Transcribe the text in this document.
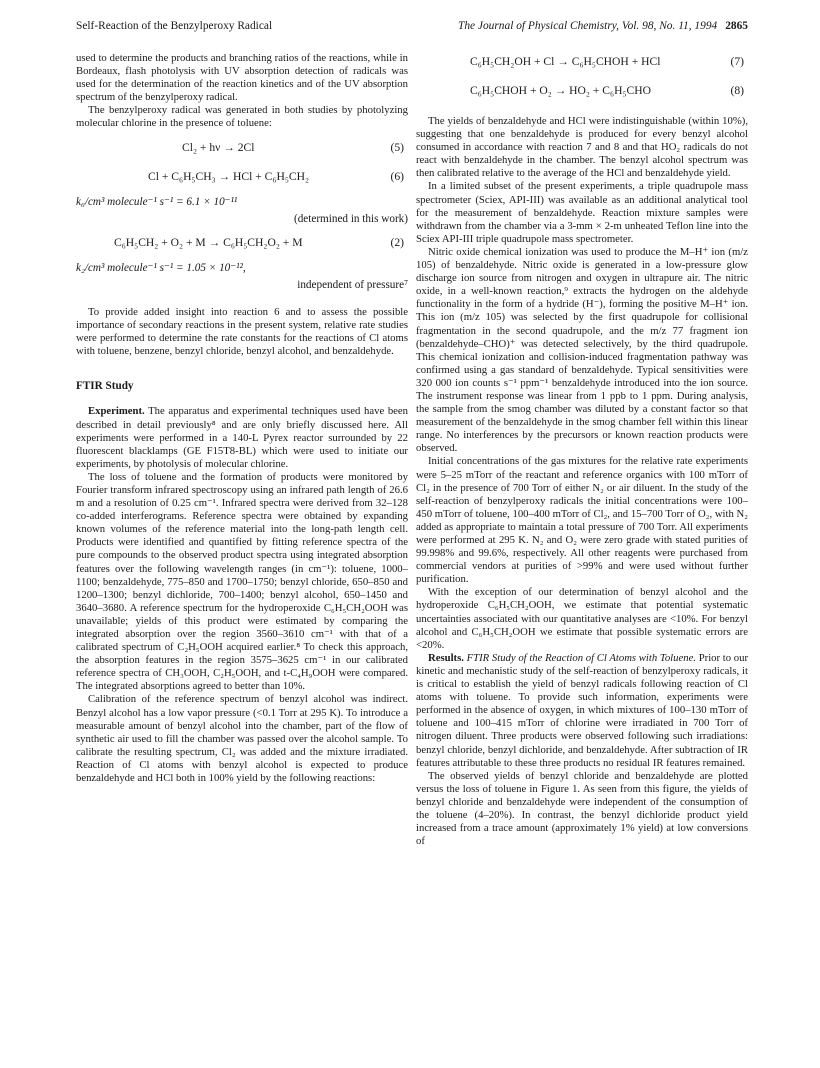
Self-Reaction of the Benzylperoxy Radical	The Journal of Physical Chemistry, Vol. 98, No. 11, 1994 2865

used to determine the products and branching ratios of the reactions, while in Bordeaux, flash photolysis with UV absorption detection of radicals was used for the determination of the reaction kinetics and of the UV absorption spectrum of the benzylperoxy radical.

The benzylperoxy radical was generated in both studies by photolyzing molecular chlorine in the presence of toluene:

Cl₂ + hν → 2Cl	(5)
Cl + C₆H₅CH₃ → HCl + C₆H₅CH₂	(6)
k₆/cm³ molecule⁻¹ s⁻¹ = 6.1 × 10⁻¹¹
(determined in this work)
C₆H₅CH₂ + O₂ + M → C₆H₅CH₂O₂ + M	(2)
k₂/cm³ molecule⁻¹ s⁻¹ = 1.05 × 10⁻¹²,
independent of pressure⁷

To provide added insight into reaction 6 and to assess the possible importance of secondary reactions in the present system, relative rate studies were performed to determine the rate constants for the reactions of Cl atoms with toluene, benzene, benzyl chloride, benzyl alcohol, and benzaldehyde.

FTIR Study

Experiment. The apparatus and experimental techniques used have been described in detail previously⁸ and are only briefly discussed here. All experiments were performed in a 140-L Pyrex reactor surrounded by 22 fluorescent blacklamps (GE F15T8-BL) which were used to initiate our experiments, by photolysis of molecular chlorine.

The loss of toluene and the formation of products were monitored by Fourier transform infrared spectroscopy using an infrared path length of 26.6 m and a resolution of 0.25 cm⁻¹. Infrared spectra were derived from 32–128 co-added interferograms. Reference spectra were obtained by expanding known volumes of the reference material into the long-path length cell. Products were identified and quantified by fitting reference spectra of the pure compounds to the observed product spectra using integrated absorption features over the following wavelength ranges (in cm⁻¹): toluene, 1000–1100; benzaldehyde, 775–850 and 1700–1750; benzyl chloride, 650–850 and 1200–1300; benzyl dichloride, 700–1400; benzyl alcohol, 650–1450 and 3640–3680. A reference spectrum for the hydroperoxide C₆H₅CH₂OOH was unavailable; yields of this product were estimated by comparing the integrated absorption over the region 3560–3610 cm⁻¹ with that of a calibrated spectrum of C₂H₅OOH acquired earlier.⁸ To check this approach, the absorption features in the region 3575–3625 cm⁻¹ in our calibrated reference spectra of CH₃OOH, C₂H₅OOH, and t-C₄H₉OOH were compared. The integrated absorptions agreed to better than 10%.

Calibration of the reference spectrum of benzyl alcohol was indirect. Benzyl alcohol has a low vapor pressure (<0.1 Torr at 295 K). To introduce a measurable amount of benzyl alcohol into the chamber, part of the flow of synthetic air used to fill the chamber was passed over the alcohol sample. To calibrate the resulting spectrum, Cl₂ was added and the mixture irradiated. Reaction of Cl atoms with benzyl alcohol is expected to produce benzaldehyde and HCl both in 100% yield by the following reactions:

C₆H₅CH₂OH + Cl → C₆H₅CHOH + HCl	(7)
C₆H₅CHOH + O₂ → HO₂ + C₆H₅CHO	(8)

The yields of benzaldehyde and HCl were indistinguishable (within 10%), suggesting that one benzaldehyde is produced for every benzyl alcohol consumed in accordance with reaction 7 and 8 and that HO₂ radicals do not react with benzaldehyde in the chamber. The benzyl alcohol spectrum was then calibrated relative to the average of the HCl and benzaldehyde yield.

In a limited subset of the present experiments, a triple quadrupole mass spectrometer (Sciex, API-III) was available as an additional analytical tool for the measurement of benzaldehyde. Reaction mixture samples were withdrawn from the chamber via a 3-mm × 2-m unheated Teflon line into the Sciex API-III triple quadrupole mass spectrometer.

Nitric oxide chemical ionization was used to produce the M–H⁺ ion (m/z 105) of benzaldehyde. Nitric oxide is generated in a low-pressure glow discharge ion source from nitrogen and oxygen in ultrapure air. The nitric oxide, in a well-known reaction,⁹ extracts the hydrogen on the aldehyde functionality in the form of a hydride (H⁻), forming the positive M–H⁺ ion. This ion (m/z 105) was selected by the first quadrupole for collisional fragmentation in the second quadrupole, and the m/z 77 fragment ion (benzaldehyde–CHO)⁺ was detected selectively, by the third quadrupole. This chemical ionization and collision-induced fragmentation pathway was confirmed using a gas standard of benzaldehyde. Typical sensitivities were 320 000 ion counts s⁻¹ ppm⁻¹ benzaldehyde introduced into the ion source. The instrument response was linear from 1 ppb to 1 ppm. During analysis, the sample from the smog chamber was diluted by a constant factor so that measurement of the benzaldehyde in the smog chamber fell within this linear range. No interferences by the precursors or known reaction products were observed.

Initial concentrations of the gas mixtures for the relative rate experiments were 5–25 mTorr of the reactant and reference organics with 100 mTorr of Cl₂ in the presence of 700 Torr of either N₂ or air diluent. In the study of the self-reaction of benzylperoxy radicals the initial concentrations were 100–450 mTorr of toluene, 100–400 mTorr of Cl₂, and 15–700 Torr of O₂, with N₂ added as appropriate to maintain a total pressure of 700 Torr. All experiments were performed at 295 K. N₂ and O₂ were zero grade with stated purities of 99.998% and 99.6%, respectively. All other reagents were purchased from commercial vendors at purities of >99% and were used without further purification.

With the exception of our determination of benzyl alcohol and the hydroperoxide C₆H₅CH₂OOH, we estimate that potential systematic uncertainties associated with our quantitative analyses are <10%. For benzyl alcohol and C₆H₅CH₂OOH we estimate that possible systematic errors are <20%.

Results. FTIR Study of the Reaction of Cl Atoms with Toluene. Prior to our kinetic and mechanistic study of the self-reaction of benzylperoxy radicals, it is critical to establish the yield of benzyl radicals following reaction of Cl atoms with toluene. To provide such information, experiments were performed in the absence of oxygen, in which mixtures of 100–130 mTorr of toluene and 100–415 mTorr of chlorine were irradiated in 700 Torr of nitrogen diluent. Three products were observed following such irradiations: benzyl chloride, benzyl dichloride, and benzaldehyde. After subtraction of IR features attributable to these three products no residual IR features remained.

The observed yields of benzyl chloride and benzaldehyde are plotted versus the loss of toluene in Figure 1. As seen from this figure, the yields of benzyl chloride and benzaldehyde were independent of the consumption of the toluene (4–20%). In contrast, the benzyl dichloride product yield increased from a trace amount (approximately 1% yield) at low conversions of
